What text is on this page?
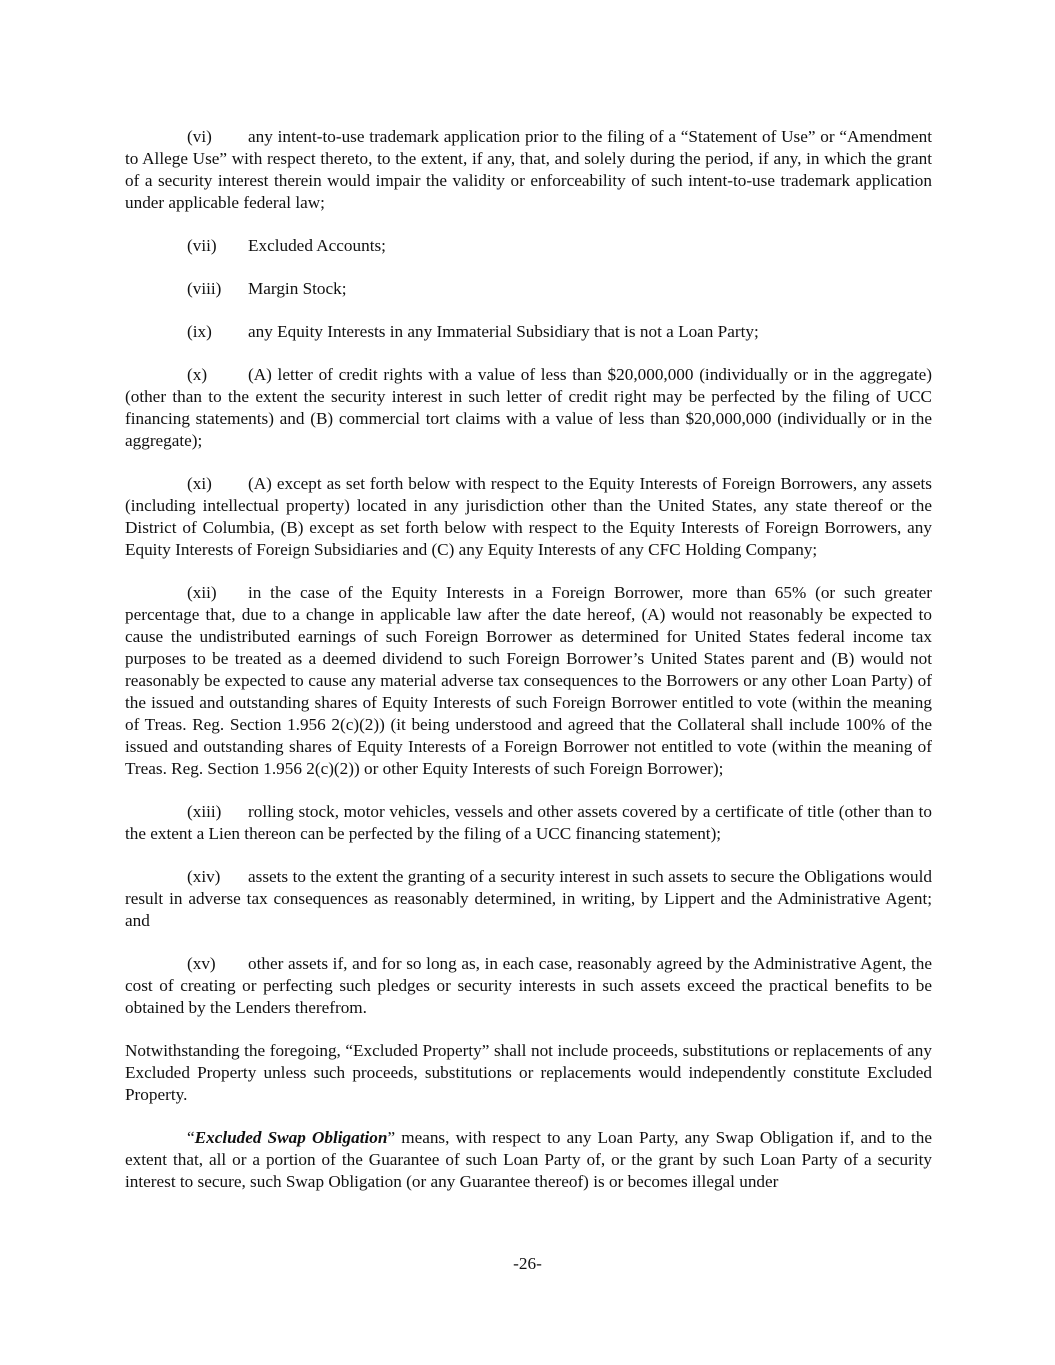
(vi) any intent-to-use trademark application prior to the filing of a “Statement of Use” or “Amendment to Allege Use” with respect thereto, to the extent, if any, that, and solely during the period, if any, in which the grant of a security interest therein would impair the validity or enforceability of such intent-to-use trademark application under applicable federal law;

(vii) Excluded Accounts;

(viii) Margin Stock;

(ix) any Equity Interests in any Immaterial Subsidiary that is not a Loan Party;

(x) (A) letter of credit rights with a value of less than $20,000,000 (individually or in the aggregate) (other than to the extent the security interest in such letter of credit right may be perfected by the filing of UCC financing statements) and (B) commercial tort claims with a value of less than $20,000,000 (individually or in the aggregate);

(xi) (A) except as set forth below with respect to the Equity Interests of Foreign Borrowers, any assets (including intellectual property) located in any jurisdiction other than the United States, any state thereof or the District of Columbia, (B) except as set forth below with respect to the Equity Interests of Foreign Borrowers, any Equity Interests of Foreign Subsidiaries and (C) any Equity Interests of any CFC Holding Company;

(xii) in the case of the Equity Interests in a Foreign Borrower, more than 65% (or such greater percentage that, due to a change in applicable law after the date hereof, (A) would not reasonably be expected to cause the undistributed earnings of such Foreign Borrower as determined for United States federal income tax purposes to be treated as a deemed dividend to such Foreign Borrower’s United States parent and (B) would not reasonably be expected to cause any material adverse tax consequences to the Borrowers or any other Loan Party) of the issued and outstanding shares of Equity Interests of such Foreign Borrower entitled to vote (within the meaning of Treas. Reg. Section 1.956 2(c)(2)) (it being understood and agreed that the Collateral shall include 100% of the issued and outstanding shares of Equity Interests of a Foreign Borrower not entitled to vote (within the meaning of Treas. Reg. Section 1.956 2(c)(2)) or other Equity Interests of such Foreign Borrower);

(xiii) rolling stock, motor vehicles, vessels and other assets covered by a certificate of title (other than to the extent a Lien thereon can be perfected by the filing of a UCC financing statement);

(xiv) assets to the extent the granting of a security interest in such assets to secure the Obligations would result in adverse tax consequences as reasonably determined, in writing, by Lippert and the Administrative Agent; and

(xv) other assets if, and for so long as, in each case, reasonably agreed by the Administrative Agent, the cost of creating or perfecting such pledges or security interests in such assets exceed the practical benefits to be obtained by the Lenders therefrom.

Notwithstanding the foregoing, “Excluded Property” shall not include proceeds, substitutions or replacements of any Excluded Property unless such proceeds, substitutions or replacements would independently constitute Excluded Property.

“Excluded Swap Obligation” means, with respect to any Loan Party, any Swap Obligation if, and to the extent that, all or a portion of the Guarantee of such Loan Party of, or the grant by such Loan Party of a security interest to secure, such Swap Obligation (or any Guarantee thereof) is or becomes illegal under

-26-
